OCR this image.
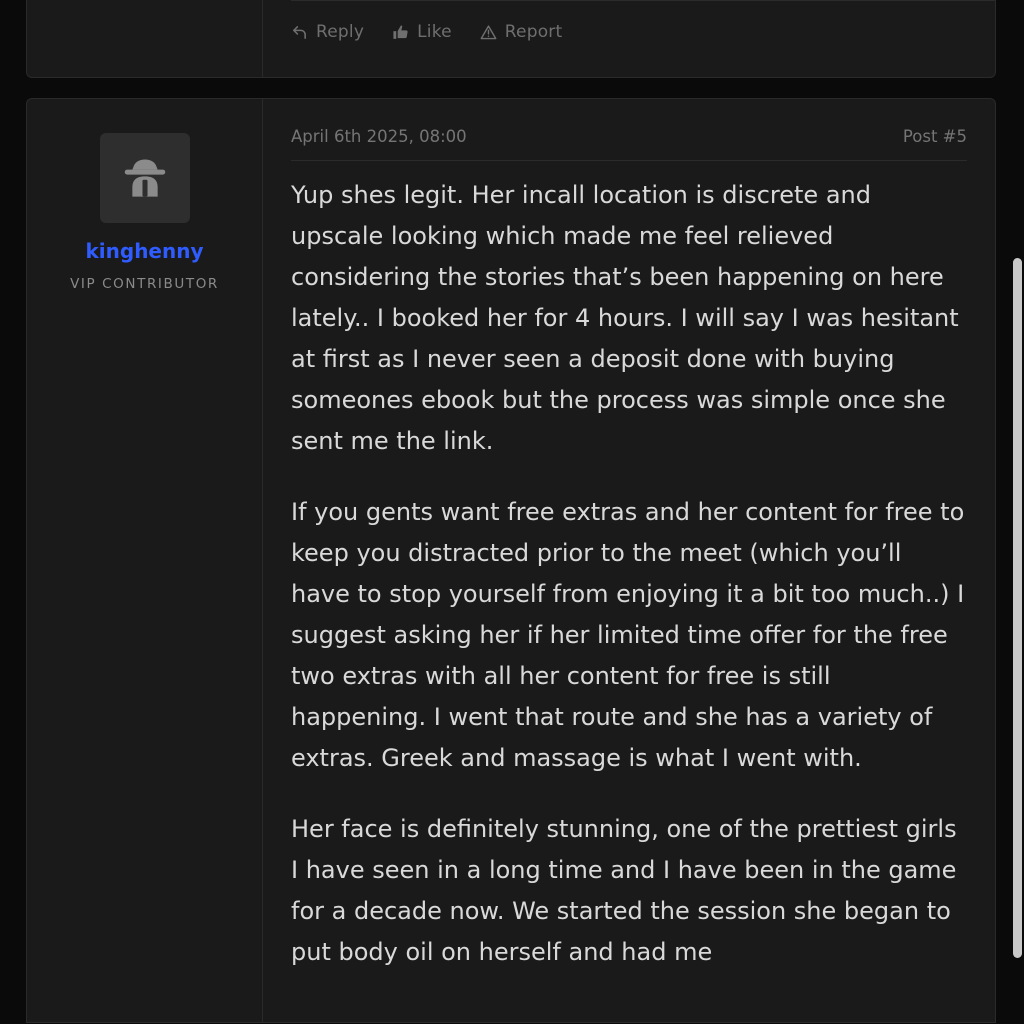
Reply	Like	Report
kinghenny
VIP CONTRIBUTOR
April 6th 2025, 08:00	Post #5

Yup shes legit. Her incall location is discrete and upscale looking which made me feel relieved considering the stories that’s been happening on here lately.. I booked her for 4 hours. I will say I was hesitant at first as I never seen a deposit done with buying someones ebook but the process was simple once she sent me the link.

If you gents want free extras and her content for free to keep you distracted prior to the meet (which you’ll have to stop yourself from enjoying it a bit too much..) I suggest asking her if her limited time offer for the free two extras with all her content for free is still happening. I went that route and she has a variety of extras. Greek and massage is what I went with.

Her face is definitely stunning, one of the prettiest girls I have seen in a long time and I have been in the game for a decade now. We started the session she began to put body oil on herself and had me
